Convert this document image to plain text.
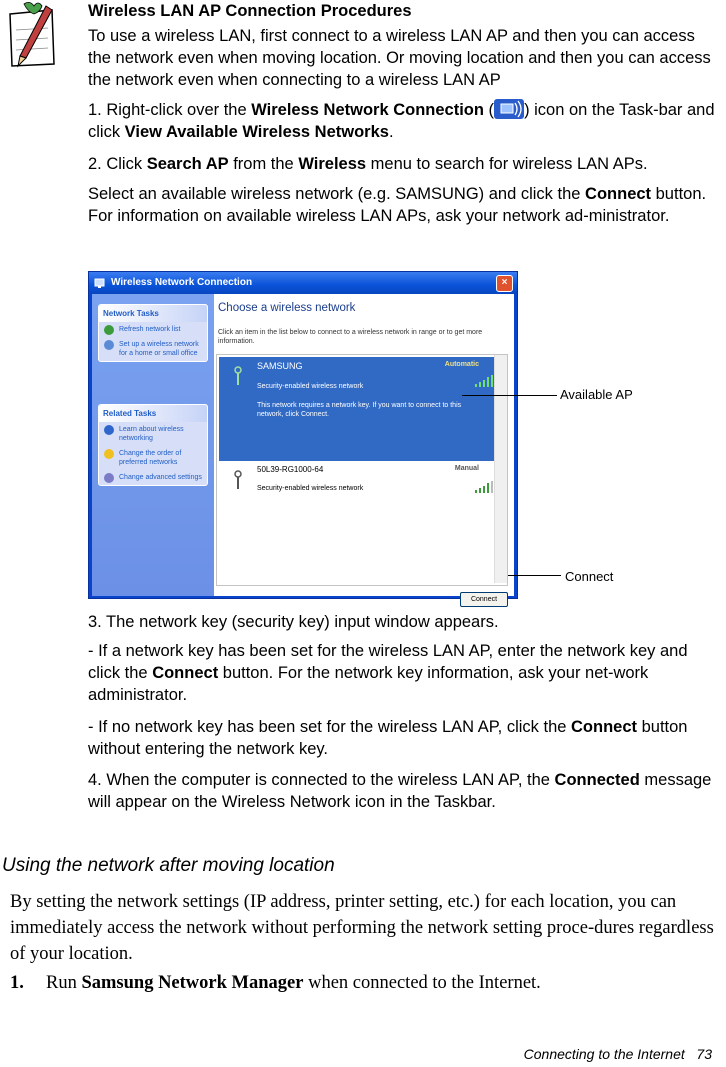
Wireless LAN AP Connection Procedures

To use a wireless LAN, first connect to a wireless LAN AP and then you can access the network even when moving location. Or moving location and then you can access the network even when connecting to a wireless LAN AP

1. Right-click over the Wireless Network Connection ( ) icon on the Task-bar and click View Available Wireless Networks.

2. Click Search AP from the Wireless menu to search for wireless LAN APs.

Select an available wireless network (e.g. SAMSUNG) and click the Connect button. For information on available wireless LAN APs, ask your network ad-ministrator.

Wireless Network Connection	×
Network Tasks
Refresh network list
Set up a wireless network for a home or small office
Related Tasks
Learn about wireless networking
Change the order of preferred networks
Change advanced settings
Choose a wireless network
Click an item in the list below to connect to a wireless network in range or to get more information.
SAMSUNG	Automatic
Security-enabled wireless network
This network requires a network key. If you want to connect to this network, click Connect.
50L39-RG1000-64	Manual
Security-enabled wireless network
Connect
Available AP
Connect

3. The network key (security key) input window appears.

- If a network key has been set for the wireless LAN AP, enter the network key and click the Connect button. For the network key information, ask your net-work administrator.

- If no network key has been set for the wireless LAN AP, click the Connect button without entering the network key.

4. When the computer is connected to the wireless LAN AP, the Connected message will appear on the Wireless Network icon in the Taskbar.

Using the network after moving location

By setting the network settings (IP address, printer setting, etc.) for each location, you can immediately access the network without performing the network setting proce-dures regardless of your location.

1. Run Samsung Network Manager when connected to the Internet.

Connecting to the Internet   73
